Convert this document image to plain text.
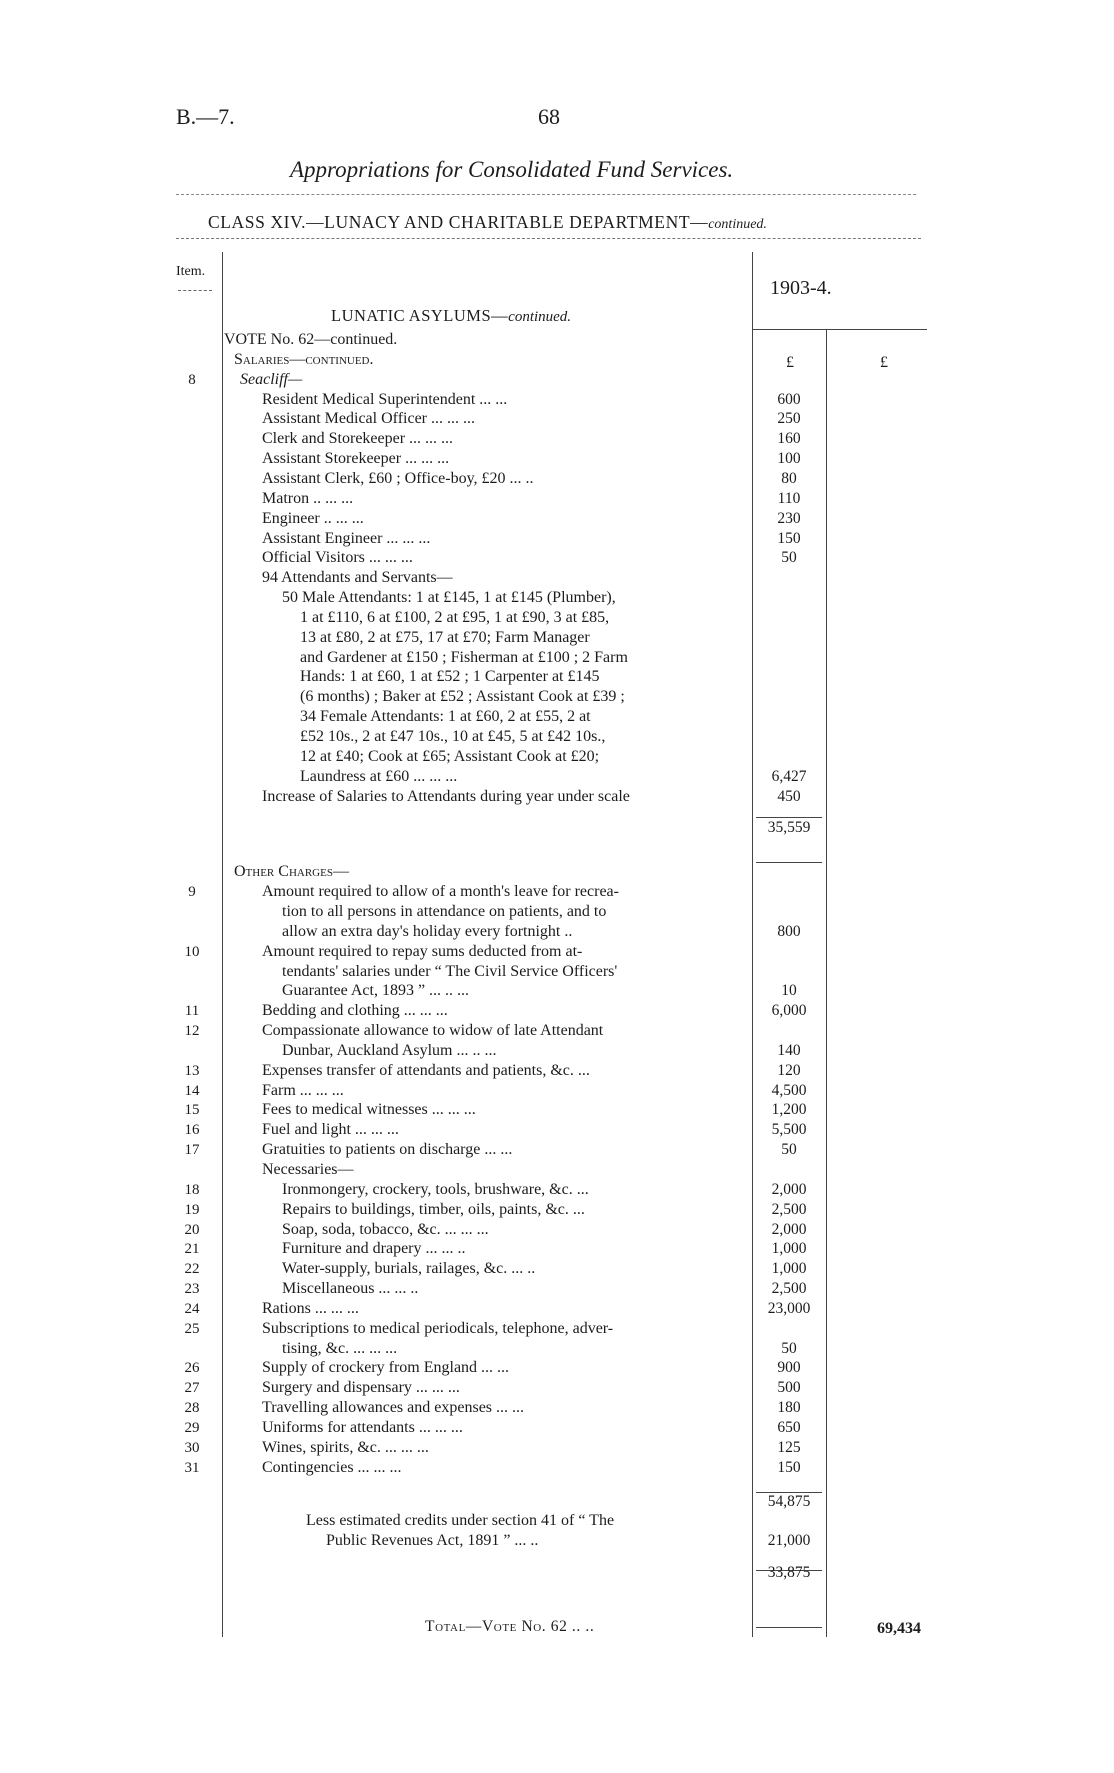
B.—7.	68
Appropriations for Consolidated Fund Services.
CLASS XIV.—LUNACY AND CHARITABLE DEPARTMENT—continued.
Item.
1903-4.
LUNATIC ASYLUMS—continued.
£	£
VOTE No. 62—continued.
Salaries—continued.
8	Seacliff—
Resident Medical Superintendent ... ...	600
Assistant Medical Officer ... ... ...	250
Clerk and Storekeeper ... ... ...	160
Assistant Storekeeper ... ... ...	100
Assistant Clerk, £60 ; Office-boy, £20 ... ..	80
Matron .. ... ...	110
Engineer .. ... ...	230
Assistant Engineer ... ... ...	150
Official Visitors ... ... ...	50
94 Attendants and Servants—
50 Male Attendants: 1 at £145, 1 at £145 (Plumber),
1 at £110, 6 at £100, 2 at £95, 1 at £90, 3 at £85,
13 at £80, 2 at £75, 17 at £70; Farm Manager
and Gardener at £150 ; Fisherman at £100 ; 2 Farm
Hands: 1 at £60, 1 at £52 ; 1 Carpenter at £145
(6 months) ; Baker at £52 ; Assistant Cook at £39 ;
34 Female Attendants: 1 at £60, 2 at £55, 2 at
£52 10s., 2 at £47 10s., 10 at £45, 5 at £42 10s.,
12 at £40; Cook at £65; Assistant Cook at £20;
Laundress at £60 ... ... ...	6,427
Increase of Salaries to Attendants during year under scale	450
35,559
Other Charges—
9	Amount required to allow of a month's leave for recrea-
tion to all persons in attendance on patients, and to
allow an extra day's holiday every fortnight ..	800
10	Amount required to repay sums deducted from at-
tendants' salaries under “ The Civil Service Officers'
Guarantee Act, 1893 ” ... .. ...	10
11	Bedding and clothing ... ... ...	6,000
12	Compassionate allowance to widow of late Attendant
Dunbar, Auckland Asylum ... .. ...	140
13	Expenses transfer of attendants and patients, &c. ...	120
14	Farm ... ... ...	4,500
15	Fees to medical witnesses ... ... ...	1,200
16	Fuel and light ... ... ...	5,500
17	Gratuities to patients on discharge ... ...	50
Necessaries—
18	Ironmongery, crockery, tools, brushware, &c. ...	2,000
19	Repairs to buildings, timber, oils, paints, &c. ...	2,500
20	Soap, soda, tobacco, &c. ... ... ...	2,000
21	Furniture and drapery ... ... ..	1,000
22	Water-supply, burials, railages, &c. ... ..	1,000
23	Miscellaneous ... ... ..	2,500
24	Rations ... ... ...	23,000
25	Subscriptions to medical periodicals, telephone, adver-
tising, &c. ... ... ...	50
26	Supply of crockery from England ... ...	900
27	Surgery and dispensary ... ... ...	500
28	Travelling allowances and expenses ... ...	180
29	Uniforms for attendants ... ... ...	650
30	Wines, spirits, &c. ... ... ...	125
31	Contingencies ... ... ...	150
54,875
Less estimated credits under section 41 of “ The
Public Revenues Act, 1891 ” ... ..	21,000
33,875
Total—Vote No. 62 .. ..	69,434
